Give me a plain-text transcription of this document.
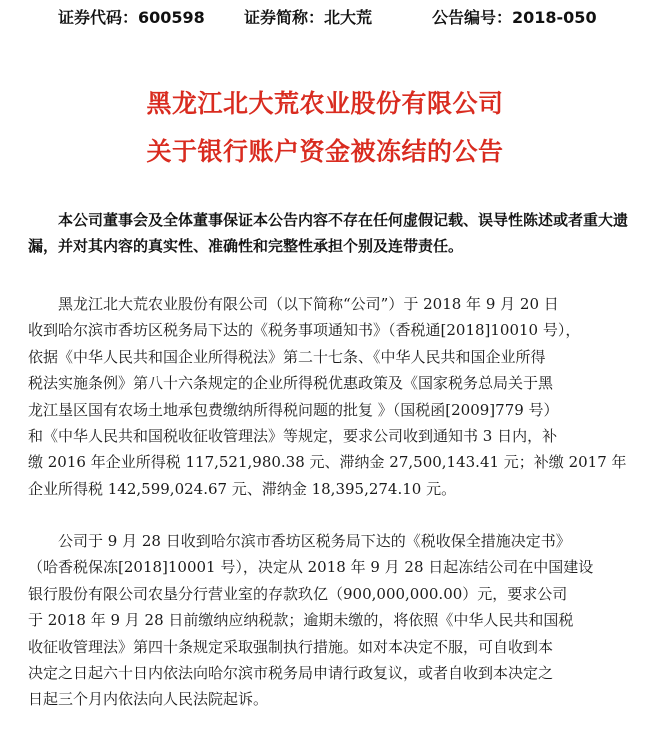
证券代码：600598 证券简称：北大荒	公告编号：2018-050
黑龙江北大荒农业股份有限公司
关于银行账户资金被冻结的公告
本公司董事会及全体董事保证本公告内容不存在任何虚假记载、误导性陈述或者重大遗漏，并对其内容的真实性、准确性和完整性承担个别及连带责任。
黑龙江北大荒农业股份有限公司（以下简称“公司”）于 2018 年 9 月 20 日
收到哈尔滨市香坊区税务局下达的《税务事项通知书》（香税通[2018]10010 号），
依据《中华人民共和国企业所得税法》第二十七条、《中华人民共和国企业所得
税法实施条例》第八十六条规定的企业所得税优惠政策及《国家税务总局关于黑
龙江垦区国有农场土地承包费缴纳所得税问题的批复 》（国税函[2009]779 号）
和《中华人民共和国税收征收管理法》等规定，要求公司收到通知书 3 日内，补
缴 2016 年企业所得税 117,521,980.38 元、滞纳金 27,500,143.41 元；补缴 2017 年
企业所得税 142,599,024.67 元、滞纳金 18,395,274.10 元。
公司于 9 月 28 日收到哈尔滨市香坊区税务局下达的《税收保全措施决定书》
（哈香税保冻[2018]10001 号），决定从 2018 年 9 月 28 日起冻结公司在中国建设
银行股份有限公司农垦分行营业室的存款玖亿（900,000,000.00）元，要求公司
于 2018 年 9 月 28 日前缴纳应纳税款；逾期未缴的，将依照《中华人民共和国税
收征收管理法》第四十条规定采取强制执行措施。如对本决定不服，可自收到本
决定之日起六十日内依法向哈尔滨市税务局申请行政复议，或者自收到本决定之
日起三个月内依法向人民法院起诉。
